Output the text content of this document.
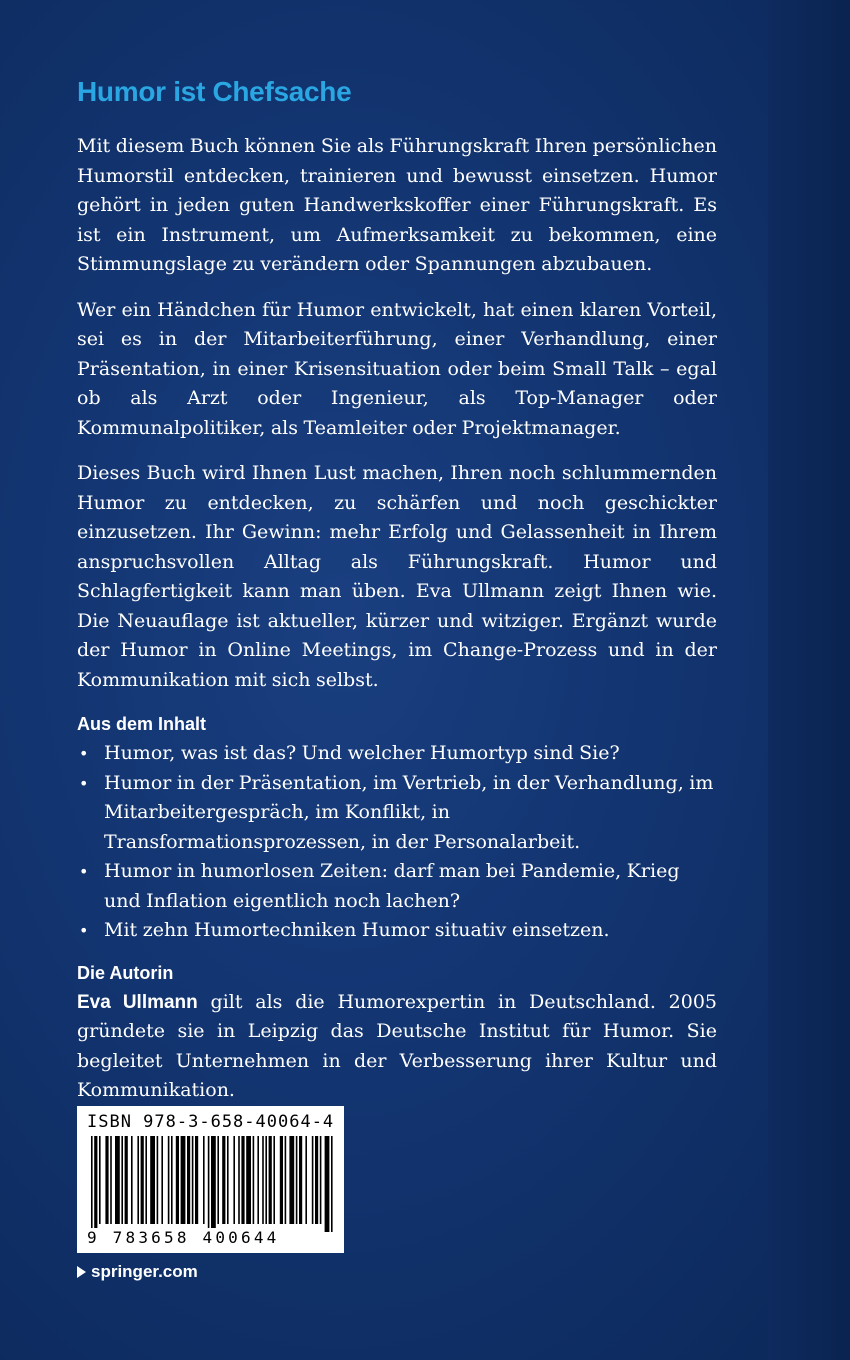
Humor ist Chefsache

Mit diesem Buch können Sie als Führungskraft Ihren persönlichen Humorstil entdecken, trainieren und bewusst einsetzen. Humor gehört in jeden guten Handwerkskoffer einer Führungskraft. Es ist ein Instrument, um Aufmerksamkeit zu bekommen, eine Stimmungslage zu verändern oder Spannungen abzubauen.

Wer ein Händchen für Humor entwickelt, hat einen klaren Vorteil, sei es in der Mitarbeiterführung, einer Verhandlung, einer Präsentation, in einer Krisensituation oder beim Small Talk – egal ob als Arzt oder Ingenieur, als Top-Manager oder Kommunalpolitiker, als Teamleiter oder Projektmanager.

Dieses Buch wird Ihnen Lust machen, Ihren noch schlummernden Humor zu entdecken, zu schärfen und noch geschickter einzusetzen. Ihr Gewinn: mehr Erfolg und Gelassenheit in Ihrem anspruchsvollen Alltag als Führungskraft. Humor und Schlagfertigkeit kann man üben. Eva Ullmann zeigt Ihnen wie. Die Neuauflage ist aktueller, kürzer und witziger. Ergänzt wurde der Humor in Online Meetings, im Change-Prozess und in der Kommunikation mit sich selbst.

Aus dem Inhalt
• Humor, was ist das? Und welcher Humortyp sind Sie?
• Humor in der Präsentation, im Vertrieb, in der Verhandlung, im Mitarbeitergespräch, im Konflikt, in Transformationsprozessen, in der Personalarbeit.
• Humor in humorlosen Zeiten: darf man bei Pandemie, Krieg und Inflation eigentlich noch lachen?
• Mit zehn Humortechniken Humor situativ einsetzen.
Die Autorin

Eva Ullmann gilt als die Humorexpertin in Deutschland. 2005 gründete sie in Leipzig das Deutsche Institut für Humor. Sie begleitet Unternehmen in der Verbesserung ihrer Kultur und Kommunikation.

ISBN 978-3-658-40064-4
9 783658 400644
springer.com
